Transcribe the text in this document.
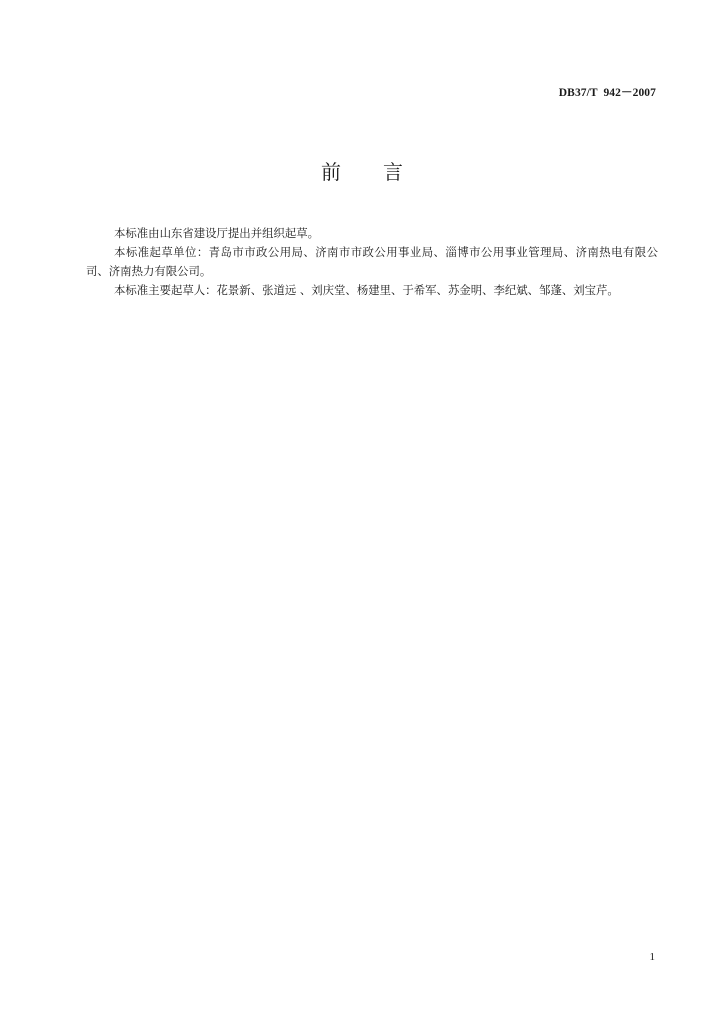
DB37/T  942－2007
前 言

本标准由山东省建设厅提出并组织起草。

本标准起草单位：青岛市市政公用局、济南市市政公用事业局、淄博市公用事业管理局、济南热电有限公司、济南热力有限公司。

本标准主要起草人：花景新、张道远 、刘庆堂、杨建里、于希军、苏金明、李纪斌、邹蓬、刘宝芹。

1
